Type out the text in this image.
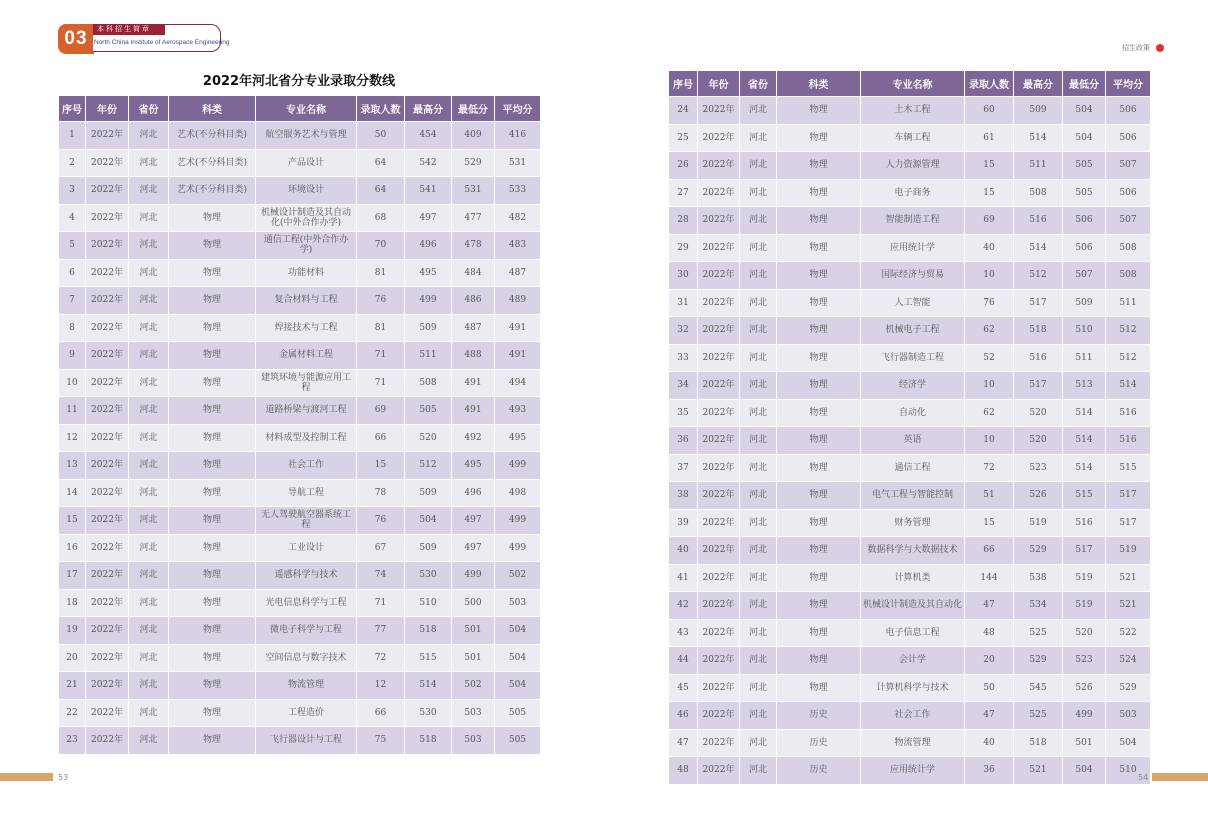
03	本科招生简章
North China Institute of Aerospace Engineering
招生政策
2022年河北省分专业录取分数线
序号	年份	省份	科类	专业名称	录取人数	最高分	最低分	平均分
1	2022年	河北	艺术(不分科目类)	航空服务艺术与管理	50	454	409	416
2	2022年	河北	艺术(不分科目类)	产品设计	64	542	529	531
3	2022年	河北	艺术(不分科目类)	环境设计	64	541	531	533
4	2022年	河北	物理	机械设计制造及其自动化(中外合作办学)	68	497	477	482
5	2022年	河北	物理	通信工程(中外合作办学)	70	496	478	483
6	2022年	河北	物理	功能材料	81	495	484	487
7	2022年	河北	物理	复合材料与工程	76	499	486	489
8	2022年	河北	物理	焊接技术与工程	81	509	487	491
9	2022年	河北	物理	金属材料工程	71	511	488	491
10	2022年	河北	物理	建筑环境与能源应用工程	71	508	491	494
11	2022年	河北	物理	道路桥梁与渡河工程	69	505	491	493
12	2022年	河北	物理	材料成型及控制工程	66	520	492	495
13	2022年	河北	物理	社会工作	15	512	495	499
14	2022年	河北	物理	导航工程	78	509	496	498
15	2022年	河北	物理	无人驾驶航空器系统工程	76	504	497	499
16	2022年	河北	物理	工业设计	67	509	497	499
17	2022年	河北	物理	遥感科学与技术	74	530	499	502
18	2022年	河北	物理	光电信息科学与工程	71	510	500	503
19	2022年	河北	物理	微电子科学与工程	77	518	501	504
20	2022年	河北	物理	空间信息与数字技术	72	515	501	504
21	2022年	河北	物理	物流管理	12	514	502	504
22	2022年	河北	物理	工程造价	66	530	503	505
23	2022年	河北	物理	飞行器设计与工程	75	518	503	505
序号	年份	省份	科类	专业名称	录取人数	最高分	最低分	平均分
24	2022年	河北	物理	土木工程	60	509	504	506
25	2022年	河北	物理	车辆工程	61	514	504	506
26	2022年	河北	物理	人力资源管理	15	511	505	507
27	2022年	河北	物理	电子商务	15	508	505	506
28	2022年	河北	物理	智能制造工程	69	516	506	507
29	2022年	河北	物理	应用统计学	40	514	506	508
30	2022年	河北	物理	国际经济与贸易	10	512	507	508
31	2022年	河北	物理	人工智能	76	517	509	511
32	2022年	河北	物理	机械电子工程	62	518	510	512
33	2022年	河北	物理	飞行器制造工程	52	516	511	512
34	2022年	河北	物理	经济学	10	517	513	514
35	2022年	河北	物理	自动化	62	520	514	516
36	2022年	河北	物理	英语	10	520	514	516
37	2022年	河北	物理	通信工程	72	523	514	515
38	2022年	河北	物理	电气工程与智能控制	51	526	515	517
39	2022年	河北	物理	财务管理	15	519	516	517
40	2022年	河北	物理	数据科学与大数据技术	66	529	517	519
41	2022年	河北	物理	计算机类	144	538	519	521
42	2022年	河北	物理	机械设计制造及其自动化	47	534	519	521
43	2022年	河北	物理	电子信息工程	48	525	520	522
44	2022年	河北	物理	会计学	20	529	523	524
45	2022年	河北	物理	计算机科学与技术	50	545	526	529
46	2022年	河北	历史	社会工作	47	525	499	503
47	2022年	河北	历史	物流管理	40	518	501	504
48	2022年	河北	历史	应用统计学	36	521	504	510
53	54
